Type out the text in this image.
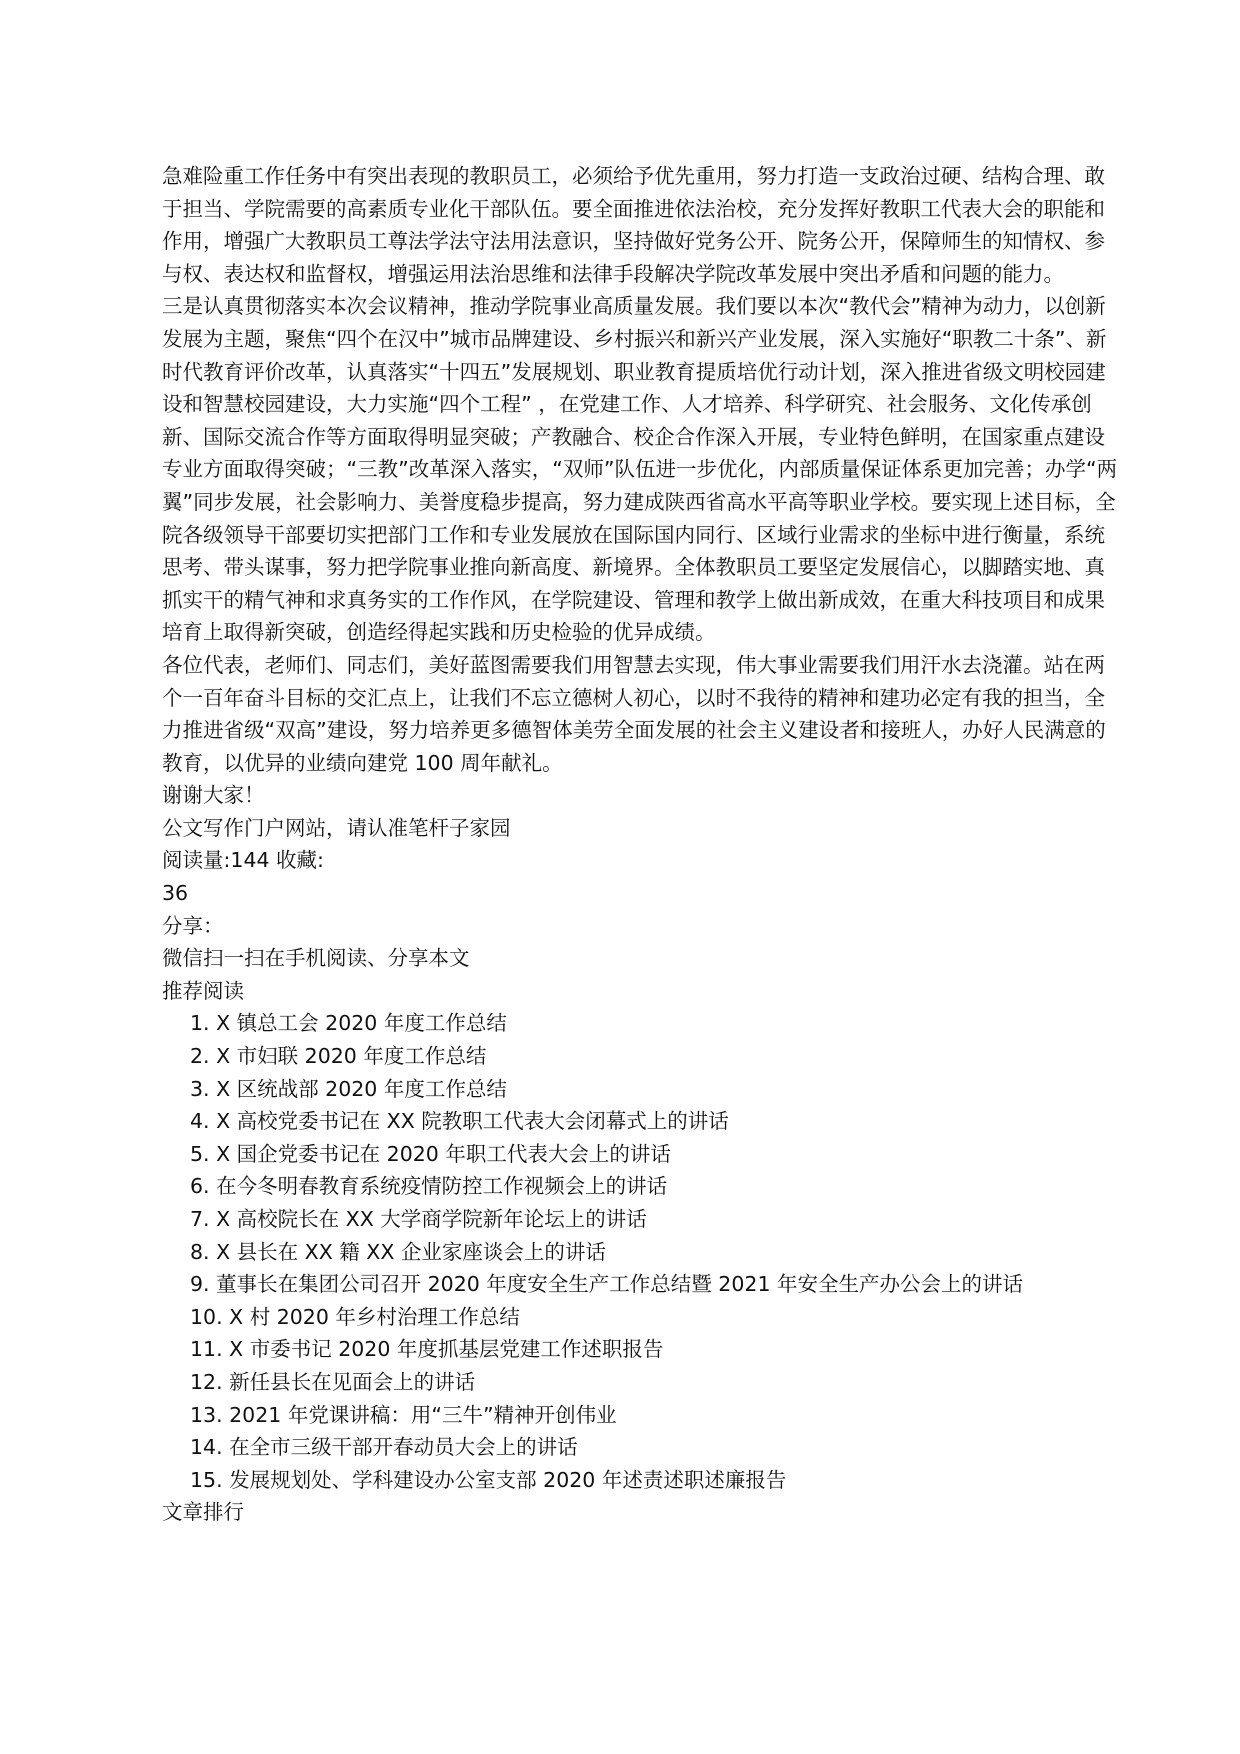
急难险重工作任务中有突出表现的教职员工，必须给予优先重用，努力打造一支政治过硬、结构合理、敢于担当、学院需要的高素质专业化干部队伍。要全面推进依法治校，充分发挥好教职工代表大会的职能和作用，增强广大教职员工尊法学法守法用法意识，坚持做好党务公开、院务公开，保障师生的知情权、参与权、表达权和监督权，增强运用法治思维和法律手段解决学院改革发展中突出矛盾和问题的能力。

三是认真贯彻落实本次会议精神，推动学院事业高质量发展。我们要以本次“教代会”精神为动力，以创新发展为主题，聚焦“四个在汉中”城市品牌建设、乡村振兴和新兴产业发展，深入实施好“职教二十条”、新时代教育评价改革，认真落实“十四五”发展规划、职业教育提质培优行动计划，深入推进省级文明校园建设和智慧校园建设，大力实施“四个工程” ，在党建工作、人才培养、科学研究、社会服务、文化传承创新、国际交流合作等方面取得明显突破；产教融合、校企合作深入开展，专业特色鲜明，在国家重点建设专业方面取得突破；“三教”改革深入落实，“双师”队伍进一步优化，内部质量保证体系更加完善；办学“两翼”同步发展，社会影响力、美誉度稳步提高，努力建成陕西省高水平高等职业学校。要实现上述目标，全院各级领导干部要切实把部门工作和专业发展放在国际国内同行、区域行业需求的坐标中进行衡量，系统思考、带头谋事，努力把学院事业推向新高度、新境界。全体教职员工要坚定发展信心，以脚踏实地、真抓实干的精气神和求真务实的工作作风，在学院建设、管理和教学上做出新成效，在重大科技项目和成果培育上取得新突破，创造经得起实践和历史检验的优异成绩。

各位代表，老师们、同志们，美好蓝图需要我们用智慧去实现，伟大事业需要我们用汗水去浇灌。站在两个一百年奋斗目标的交汇点上，让我们不忘立德树人初心，以时不我待的精神和建功必定有我的担当，全力推进省级“双高”建设，努力培养更多德智体美劳全面发展的社会主义建设者和接班人，办好人民满意的教育，以优异的业绩向建党 100 周年献礼。

谢谢大家！

公文写作门户网站，请认准笔杆子家园
阅读量:144 收藏:
36
分享：
微信扫一扫在手机阅读、分享本文
推荐阅读
1. X 镇总工会 2020 年度工作总结
2. X 市妇联 2020 年度工作总结
3. X 区统战部 2020 年度工作总结
4. X 高校党委书记在 XX 院教职工代表大会闭幕式上的讲话
5. X 国企党委书记在 2020 年职工代表大会上的讲话
6. 在今冬明春教育系统疫情防控工作视频会上的讲话
7. X 高校院长在 XX 大学商学院新年论坛上的讲话
8. X 县长在 XX 籍 XX 企业家座谈会上的讲话
9. 董事长在集团公司召开 2020 年度安全生产工作总结暨 2021 年安全生产办公会上的讲话
10. X 村 2020 年乡村治理工作总结
11. X 市委书记 2020 年度抓基层党建工作述职报告
12. 新任县长在见面会上的讲话
13. 2021 年党课讲稿：用“三牛”精神开创伟业
14. 在全市三级干部开春动员大会上的讲话
15. 发展规划处、学科建设办公室支部 2020 年述责述职述廉报告
文章排行
